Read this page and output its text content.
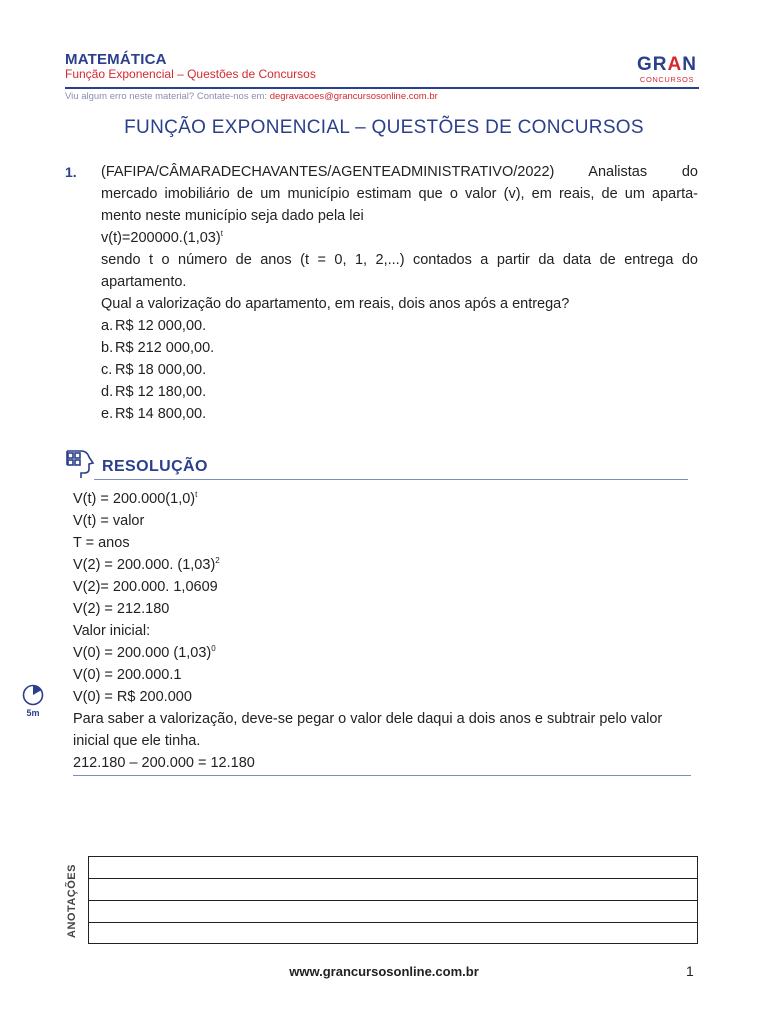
MATEMÁTICA
Função Exponencial – Questões de Concursos	GRAN
CONCURSOS
Viu algum erro neste material? Contate-nos em: degravacoes@grancursosonline.com.br
FUNÇÃO EXPONENCIAL – QUESTÕES DE CONCURSOS
1. (FAFIPA/CÂMARADECHAVANTES/AGENTEADMINISTRATIVO/2022) Analistas do

mercado imobiliário de um município estimam que o valor (v), em reais, de um aparta-

mento neste município seja dado pela lei

$v(t)=200000.(1,03)^t$

sendo t o número de anos (t = 0, 1, 2,...) contados a partir da data de entrega do apartamento.

Qual a valorização do apartamento, em reais, dois anos após a entrega?

a. R$ 12 000,00.
b. R$ 212 000,00.
c. R$ 18 000,00.
d. R$ 12 180,00.
e. R$ 14 800,00.
RESOLUÇÃO

$V(t) = 200.000(1,0)^t$

V(t) = valor

T = anos

V(2) = 200.000. $(1,03)^2$

V(2)= 200.000. 1,0609

V(2) = 212.180

Valor inicial:

V(0) = 200.000 $(1,03)^0$

V(0) = 200.000.1

V(0) = R$ 200.000

Para saber a valorização, deve-se pegar o valor dele daqui a dois anos e subtrair pelo valor inicial que ele tinha.

212.180 – 200.000 = 12.180

5m
ANOTAÇÕES
www.grancursosonline.com.br	1
